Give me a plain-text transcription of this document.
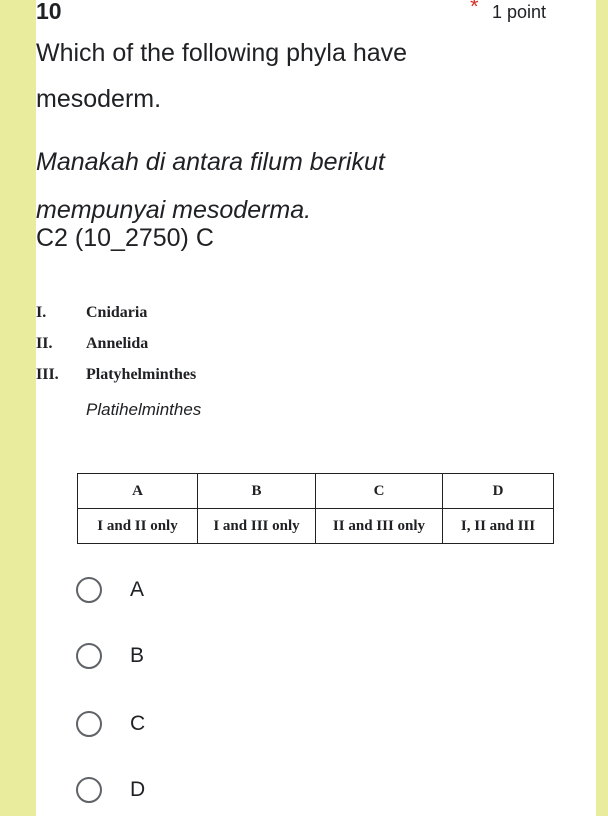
10	* 1 point
Which of the following phyla have mesoderm.
Manakah di antara filum berikut mempunyai mesoderma.
C2 (10_2750) C
I.	Cnidaria
II.	Annelida
III.	Platyhelminthes
Platihelminthes
A	B	C	D
I and II only	I and III only	II and III only	I, II and III
A
B
C
D
